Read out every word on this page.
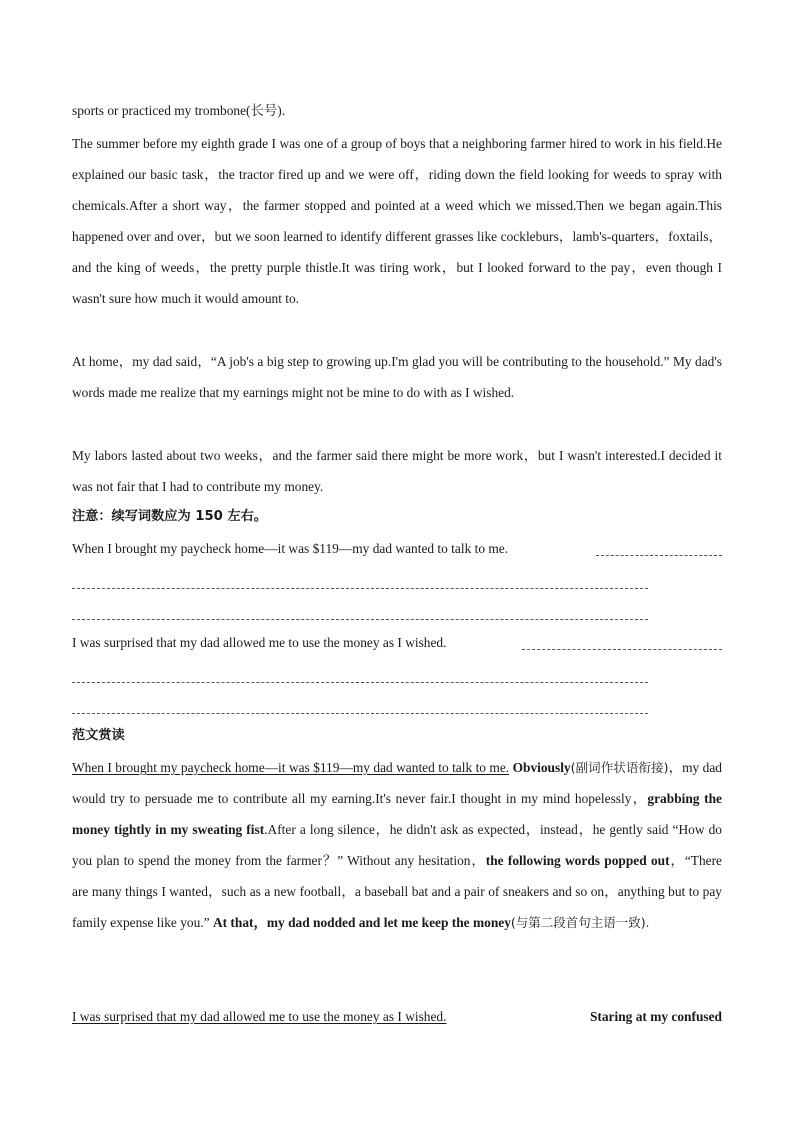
sports or practiced my trombone(长号).

The summer before my eighth grade I was one of a group of boys that a neighboring farmer hired to work in his field.He explained our basic task，the tractor fired up and we were off，riding down the field looking for weeds to spray with chemicals.After a short way，the farmer stopped and pointed at a weed which we missed.Then we began again.This happened over and over，but we soon learned to identify different grasses like cockleburs，lamb's-quarters，foxtails，and the king of weeds，the pretty purple thistle.It was tiring work，but I looked forward to the pay，even though I wasn't sure how much it would amount to.

At home，my dad said，“A job's a big step to growing up.I'm glad you will be contributing to the household.” My dad's words made me realize that my earnings might not be mine to do with as I wished.

My labors lasted about two weeks，and the farmer said there might be more work，but I wasn't interested.I decided it was not fair that I had to contribute my money.

注意：续写词数应为 150 左右。
When I brought my paycheck home—it was $119—my dad wanted to talk to me.
I was surprised that my dad allowed me to use the money as I wished.
范文赏读

When I brought my paycheck home—it was $119—my dad wanted to talk to me. Obviously(副词作状语衔接)，my dad would try to persuade me to contribute all my earning.It's never fair.I thought in my mind hopelessly，grabbing the money tightly in my sweating fist.After a long silence，he didn't ask as expected，instead，he gently said “How do you plan to spend the money from the farmer？” Without any hesitation，the following words popped out，“There are many things I wanted，such as a new football，a baseball bat and a pair of sneakers and so on，anything but to pay family expense like you.” At that，my dad nodded and let me keep the money(与第二段首句主语一致).

I was surprised that my dad allowed me to use the money as I wished.	Staring at my confused
